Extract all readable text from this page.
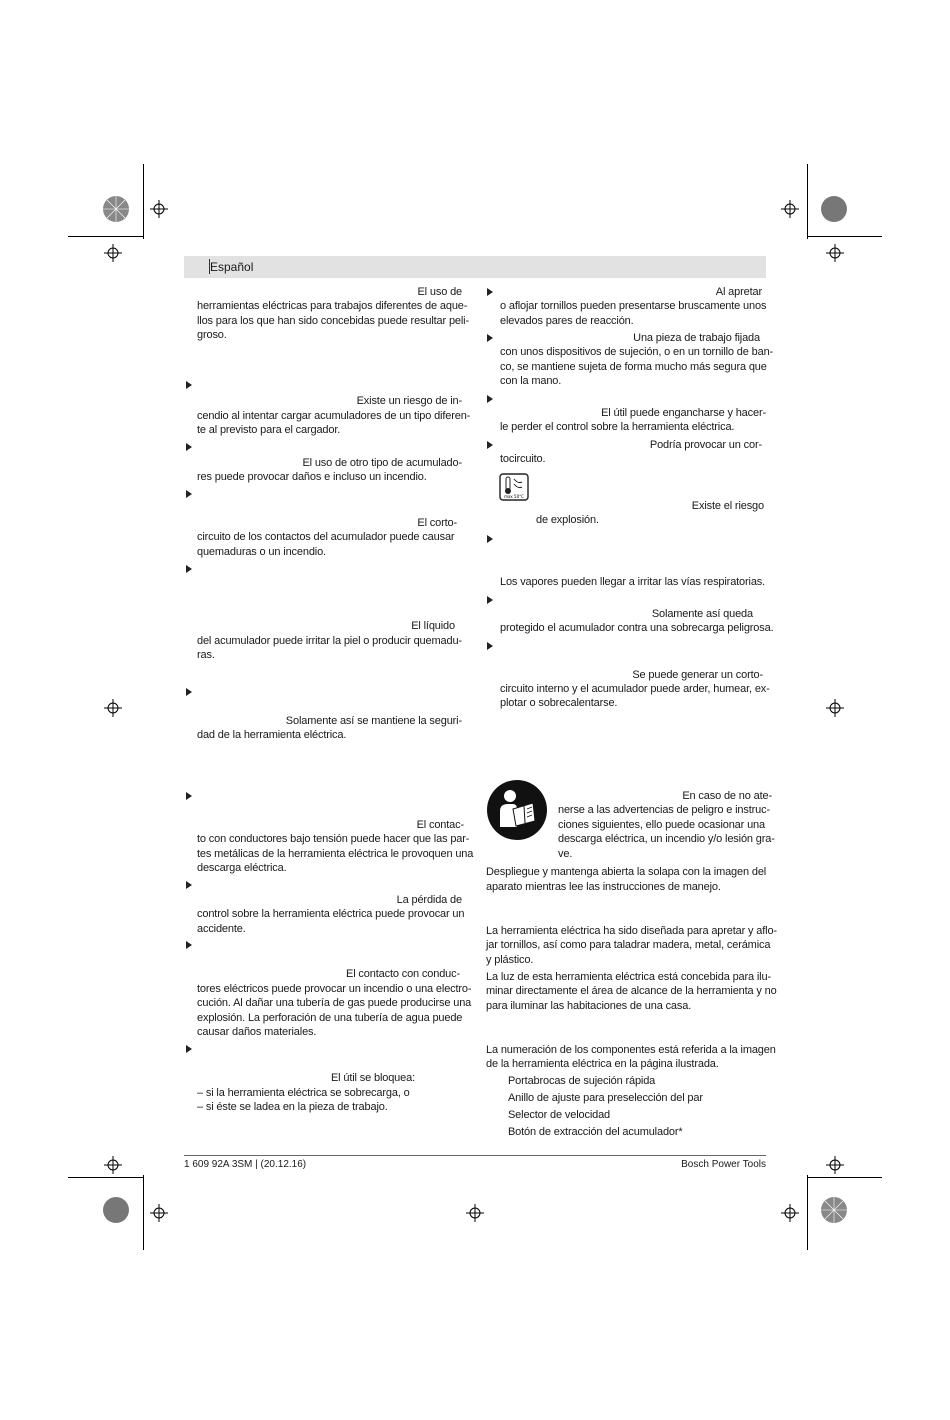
Español
El uso de
herramientas eléctricas para trabajos diferentes de aque-
llos para los que han sido concebidas puede resultar peli-
groso.
Existe un riesgo de in-
cendio al intentar cargar acumuladores de un tipo diferen-
te al previsto para el cargador.
El uso de otro tipo de acumulado-
res puede provocar daños e incluso un incendio.
El corto-
circuito de los contactos del acumulador puede causar
quemaduras o un incendio.
El líquido
del acumulador puede irritar la piel o producir quemadu-
ras.
Solamente así se mantiene la seguri-
dad de la herramienta eléctrica.
El contac-
to con conductores bajo tensión puede hacer que las par-
tes metálicas de la herramienta eléctrica le provoquen una
descarga eléctrica.
La pérdida de
control sobre la herramienta eléctrica puede provocar un
accidente.
El contacto con conduc-
tores eléctricos puede provocar un incendio o una electro-
cución. Al dañar una tubería de gas puede producirse una
explosión. La perforación de una tubería de agua puede
causar daños materiales.
El útil se bloquea:
– si la herramienta eléctrica se sobrecarga, o
– si éste se ladea en la pieza de trabajo.
Al apretar
o aflojar tornillos pueden presentarse bruscamente unos
elevados pares de reacción.
Una pieza de trabajo fijada
con unos dispositivos de sujeción, o en un tornillo de ban-
co, se mantiene sujeta de forma mucho más segura que
con la mano.
El útil puede engancharse y hacer-
le perder el control sobre la herramienta eléctrica.
Podría provocar un cor-
tocircuito.
max 50°C
Existe el riesgo
de explosión.
Los vapores pueden llegar a irritar las vías respiratorias.
Solamente así queda
protegido el acumulador contra una sobrecarga peligrosa.
Se puede generar un corto-
circuito interno y el acumulador puede arder, humear, ex-
plotar o sobrecalentarse.
En caso de no ate-
nerse a las advertencias de peligro e instruc-
ciones siguientes, ello puede ocasionar una
descarga eléctrica, un incendio y/o lesión gra-
ve.
Despliegue y mantenga abierta la solapa con la imagen del
aparato mientras lee las instrucciones de manejo.
La herramienta eléctrica ha sido diseñada para apretar y aflo-
jar tornillos, así como para taladrar madera, metal, cerámica
y plástico.
La luz de esta herramienta eléctrica está concebida para ilu-
minar directamente el área de alcance de la herramienta y no
para iluminar las habitaciones de una casa.
La numeración de los componentes está referida a la imagen
de la herramienta eléctrica en la página ilustrada.
Portabrocas de sujeción rápida
Anillo de ajuste para preselección del par
Selector de velocidad
Botón de extracción del acumulador*
1 609 92A 3SM | (20.12.16)	Bosch Power Tools
